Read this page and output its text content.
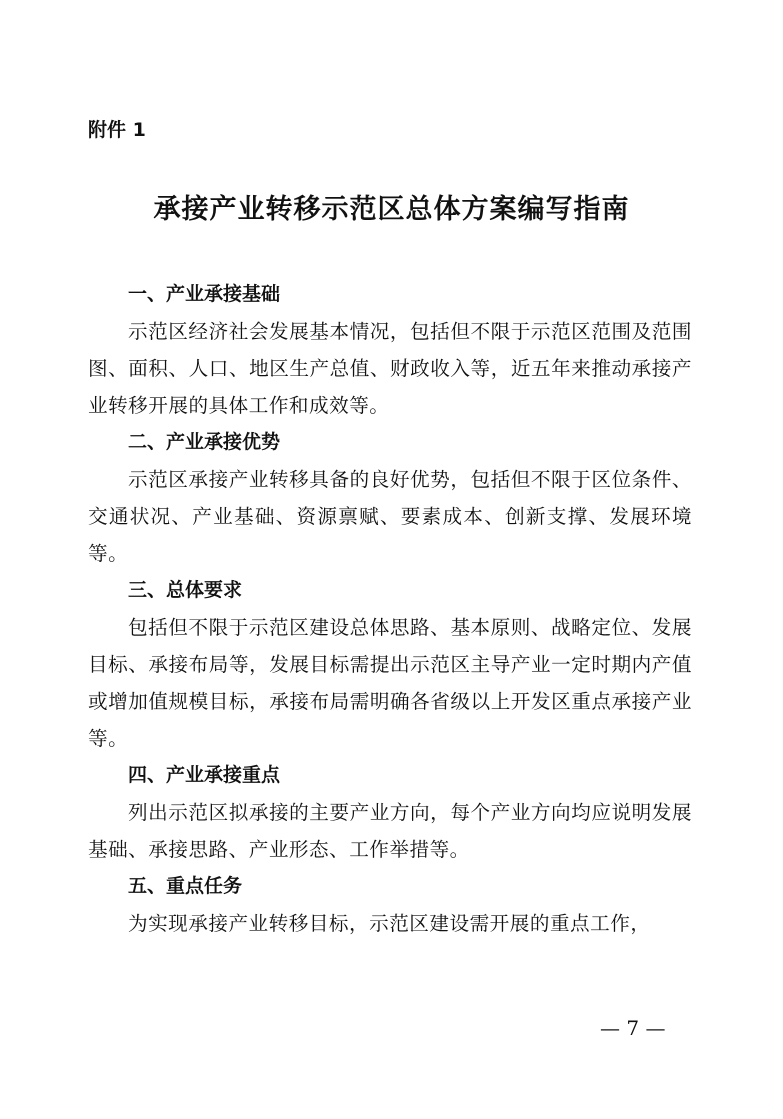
附件 1
承接产业转移示范区总体方案编写指南

一、产业承接基础

示范区经济社会发展基本情况，包括但不限于示范区范围及范围图、面积、人口、地区生产总值、财政收入等，近五年来推动承接产业转移开展的具体工作和成效等。

二、产业承接优势

示范区承接产业转移具备的良好优势，包括但不限于区位条件、交通状况、产业基础、资源禀赋、要素成本、创新支撑、发展环境等。

三、总体要求

包括但不限于示范区建设总体思路、基本原则、战略定位、发展目标、承接布局等，发展目标需提出示范区主导产业一定时期内产值或增加值规模目标，承接布局需明确各省级以上开发区重点承接产业等。

四、产业承接重点

列出示范区拟承接的主要产业方向，每个产业方向均应说明发展基础、承接思路、产业形态、工作举措等。

五、重点任务

为实现承接产业转移目标，示范区建设需开展的重点工作，

— 7 —
